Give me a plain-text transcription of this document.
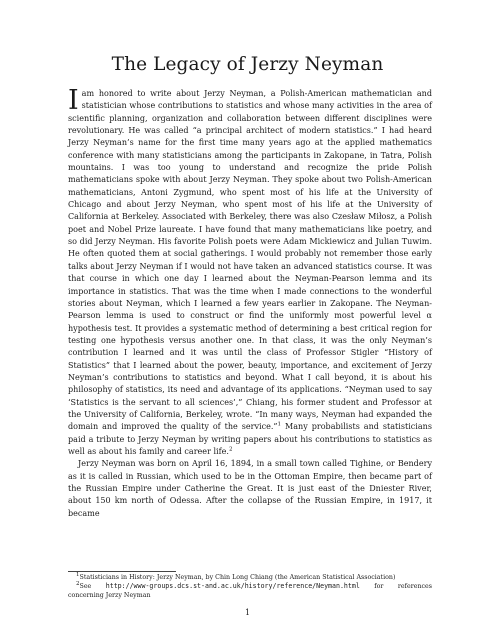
The Legacy of Jerzy Neyman

Iam honored to write about Jerzy Neyman, a Polish-American mathematician and statistician whose contributions to statistics and whose many activities in the area of scientific planning, organization and collaboration between different disciplines were revolutionary. He was called “a principal architect of modern statistics.” I had heard Jerzy Neyman’s name for the first time many years ago at the applied mathematics conference with many statisticians among the participants in Zakopane, in Tatra, Polish mountains. I was too young to understand and recognize the pride Polish mathematicians spoke with about Jerzy Neyman. They spoke about two Polish-American mathematicians, Antoni Zygmund, who spent most of his life at the University of Chicago and about Jerzy Neyman, who spent most of his life at the University of California at Berkeley. Associated with Berkeley, there was also Czesław Miłosz, a Polish poet and Nobel Prize laureate. I have found that many mathematicians like poetry, and so did Jerzy Neyman. His favorite Polish poets were Adam Mickiewicz and Julian Tuwim. He often quoted them at social gatherings. I would probably not remember those early talks about Jerzy Neyman if I would not have taken an advanced statistics course. It was that course in which one day I learned about the Neyman-Pearson lemma and its importance in statistics. That was the time when I made connections to the wonderful stories about Neyman, which I learned a few years earlier in Zakopane. The Neyman-Pearson lemma is used to construct or find the uniformly most powerful level α hypothesis test. It provides a systematic method of determining a best critical region for testing one hypothesis versus another one. In that class, it was the only Neyman’s contribution I learned and it was until the class of Professor Stigler “History of Statistics” that I learned about the power, beauty, importance, and excitement of Jerzy Neyman’s contributions to statistics and beyond. What I call beyond, it is about his philosophy of statistics, its need and advantage of its applications. “Neyman used to say ‘Statistics is the servant to all sciences’,” Chiang, his former student and Professor at the University of California, Berkeley, wrote. “In many ways, Neyman had expanded the domain and improved the quality of the service.”$^1$ Many probabilists and statisticians paid a tribute to Jerzy Neyman by writing papers about his contributions to statistics as well as about his family and career life.$^2$

Jerzy Neyman was born on April 16, 1894, in a small town called Tighine, or Bendery as it is called in Russian, which used to be in the Ottoman Empire, then became part of the Russian Empire under Catherine the Great. It is just east of the Dniester River, about 150 km north of Odessa. After the collapse of the Russian Empire, in 1917, it became

1Statisticians in History: Jerzy Neyman, by Chin Long Chiang (the American Statistical Association)

2See http://www-groups.dcs.st-and.ac.uk/history/reference/Neyman.html for references concerning Jerzy Neyman

1
